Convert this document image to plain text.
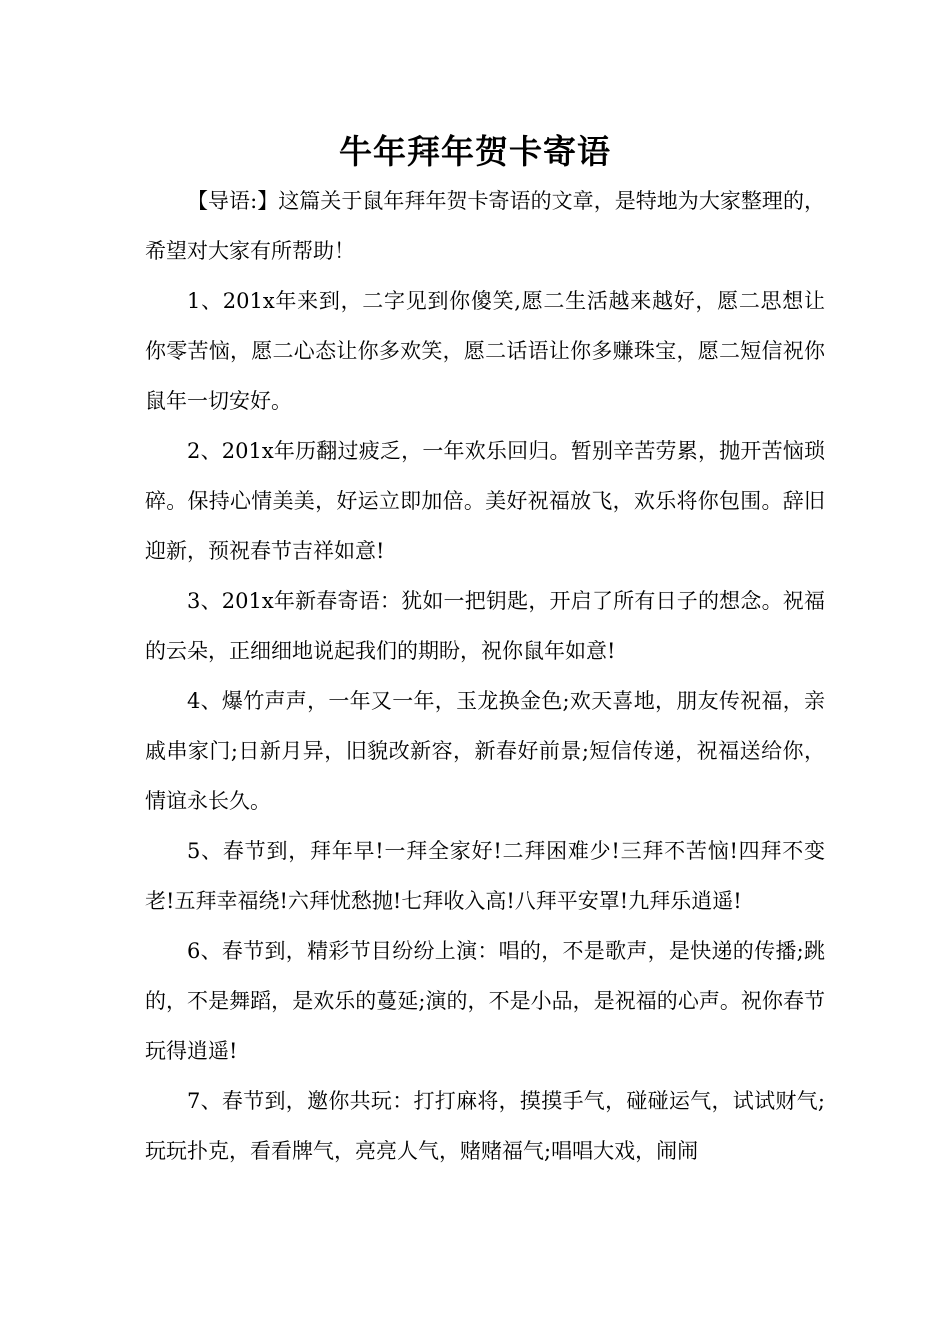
牛年拜年贺卡寄语

【导语:】这篇关于鼠年拜年贺卡寄语的文章，是特地为大家整理的，希望对大家有所帮助！

1、201x年来到，二字见到你傻笑,愿二生活越来越好，愿二思想让你零苦恼，愿二心态让你多欢笑，愿二话语让你多赚珠宝，愿二短信祝你鼠年一切安好。

2、201x年历翻过疲乏，一年欢乐回归。暂别辛苦劳累，抛开苦恼琐碎。保持心情美美，好运立即加倍。美好祝福放飞，欢乐将你包围。辞旧迎新，预祝春节吉祥如意!

3、201x年新春寄语：犹如一把钥匙，开启了所有日子的想念。祝福的云朵，正细细地说起我们的期盼，祝你鼠年如意!

4、爆竹声声，一年又一年，玉龙换金色;欢天喜地，朋友传祝福，亲戚串家门;日新月异，旧貌改新容，新春好前景;短信传递，祝福送给你，情谊永长久。

5、春节到，拜年早!一拜全家好!二拜困难少!三拜不苦恼!四拜不变老!五拜幸福绕!六拜忧愁抛!七拜收入高!八拜平安罩!九拜乐逍遥!

6、春节到，精彩节目纷纷上演：唱的，不是歌声，是快递的传播;跳的，不是舞蹈，是欢乐的蔓延;演的，不是小品，是祝福的心声。祝你春节玩得逍遥!

7、春节到，邀你共玩：打打麻将，摸摸手气，碰碰运气，试试财气;玩玩扑克，看看牌气，亮亮人气，赌赌福气;唱唱大戏，闹闹
